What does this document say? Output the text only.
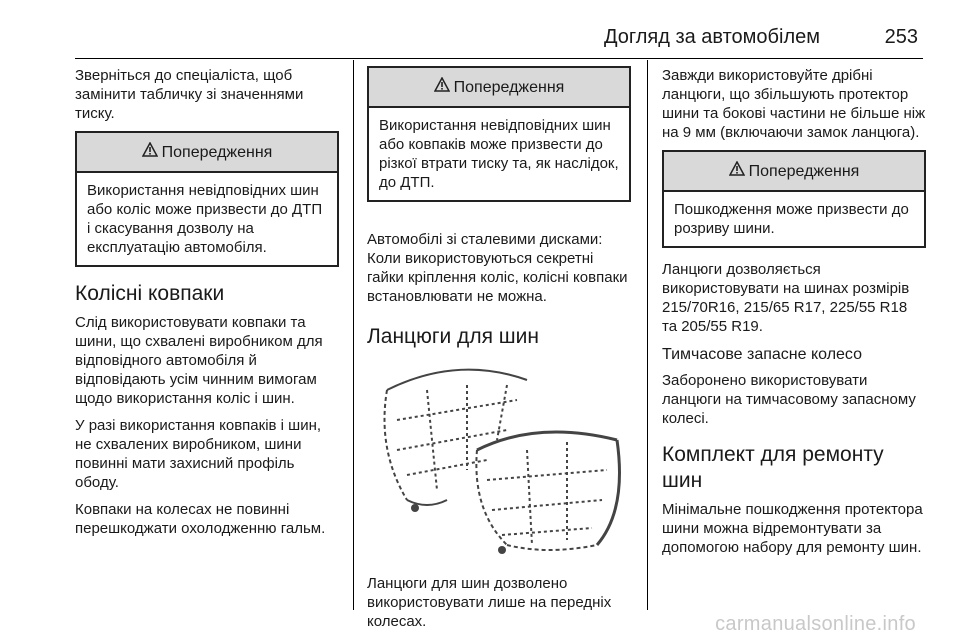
Догляд за автомобілем	253

Зверніться до спеціаліста, щоб замінити табличку зі значеннями тиску.

Попередження
Використання невідповідних шин або коліс може призвести до ДТП і скасування дозволу на експлуатацію автомобіля.
Колісні ковпаки

Слід використовувати ковпаки та шини, що схвалені виробником для відповідного автомобіля й відповідають усім чинним вимогам щодо використання коліс і шин.

У разі використання ковпаків і шин, не схвалених виробником, шини повинні мати захисний профіль ободу.

Ковпаки на колесах не повинні перешкоджати охолодженню гальм.

Попередження
Використання невідповідних шин або ковпаків може призвести до різкої втрати тиску та, як наслідок, до ДТП.

Автомобілі зі сталевими дисками: Коли використовуються секретні гайки кріплення коліс, колісні ковпаки встановлювати не можна.

Ланцюги для шин

Ланцюги для шин дозволено використовувати лише на передніх колесах.

Завжди використовуйте дрібні ланцюги, що збільшують протектор шини та бокові частини не більше ніж на 9 мм (включаючи замок ланцюга).

Попередження
Пошкодження може призвести до розриву шини.

Ланцюги дозволяється використовувати на шинах розмірів 215/70R16, 215/65 R17, 225/55 R18 та 205/55 R19.

Тимчасове запасне колесо

Заборонено використовувати ланцюги на тимчасовому запасному колесі.

Комплект для ремонту шин

Мінімальне пошкодження протектора шини можна відремонтувати за допомогою набору для ремонту шин.

carmanualsonline.info
